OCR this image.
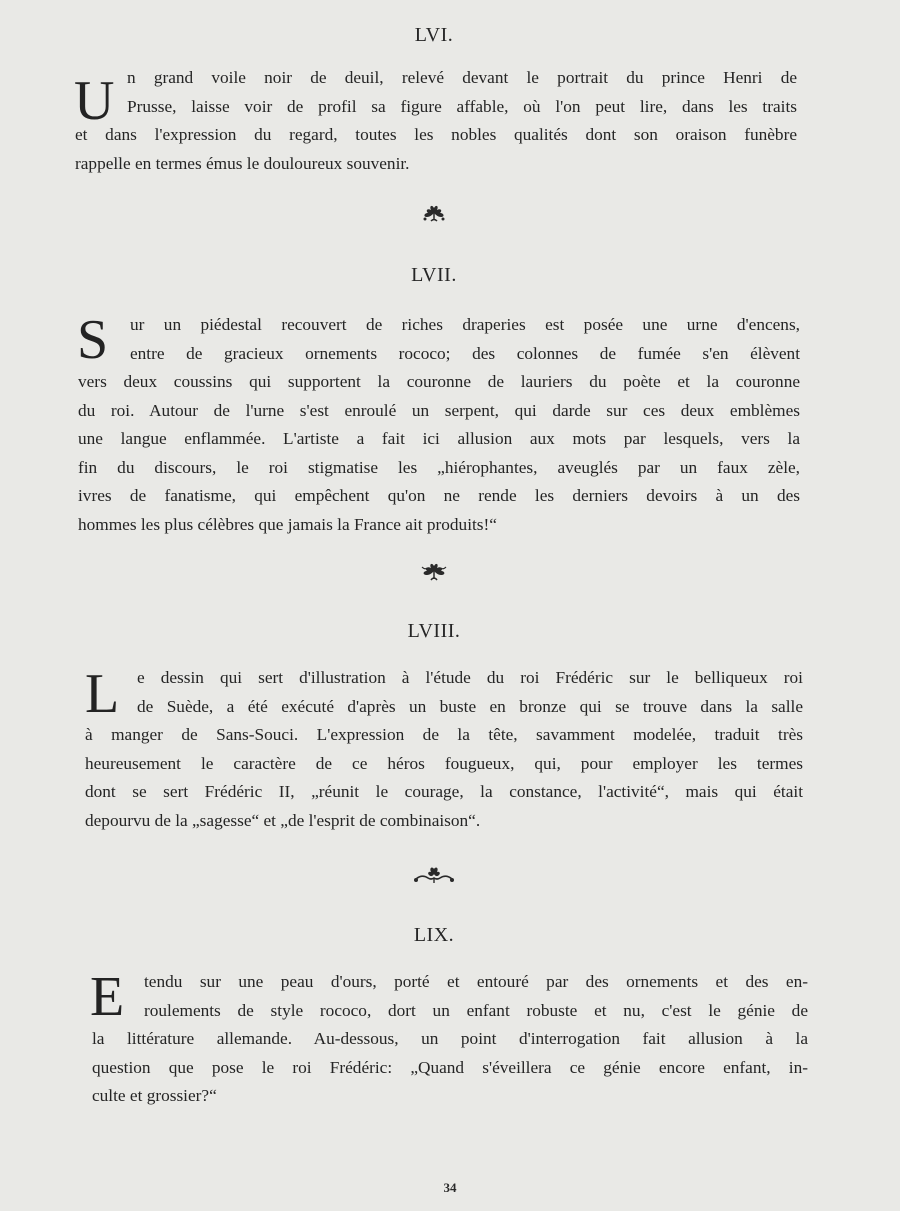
LVI.
U n grand voile noir de deuil, relevé devant le portrait du prince Henri de
Prusse, laisse voir de profil sa figure affable, où l'on peut lire, dans les traits
et dans l'expression du regard, toutes les nobles qualités dont son oraison funèbre
rappelle en termes émus le douloureux souvenir.
LVII.
S	ur un piédestal recouvert de riches draperies est posée une urne d'encens,
entre de gracieux ornements rococo; des colonnes de fumée s'en élèvent
vers deux coussins qui supportent la couronne de lauriers du poète et la couronne
du roi. Autour de l'urne s'est enroulé un serpent, qui darde sur ces deux emblèmes
une langue enflammée. L'artiste a fait ici allusion aux mots par lesquels, vers la
fin du discours, le roi stigmatise les „hiérophantes, aveuglés par un faux zèle,
ivres de fanatisme, qui empêchent qu'on ne rende les derniers devoirs à un des
hommes les plus célèbres que jamais la France ait produits!“
LVIII.
L	e dessin qui sert d'illustration à l'étude du roi Frédéric sur le belliqueux roi
de Suède, a été exécuté d'après un buste en bronze qui se trouve dans la salle
à manger de Sans-Souci. L'expression de la tête, savamment modelée, traduit très
heureusement le caractère de ce héros fougueux, qui, pour employer les termes
dont se sert Frédéric II, „réunit le courage, la constance, l'activité“, mais qui était
depourvu de la „sagesse“ et „de l'esprit de combinaison“.
LIX.
E	tendu sur une peau d'ours, porté et entouré par des ornements et des en-
roulements de style rococo, dort un enfant robuste et nu, c'est le génie de
la littérature allemande. Au-dessous, un point d'interrogation fait allusion à la
question que pose le roi Frédéric: „Quand s'éveillera ce génie encore enfant, in-
culte et grossier?“
34
